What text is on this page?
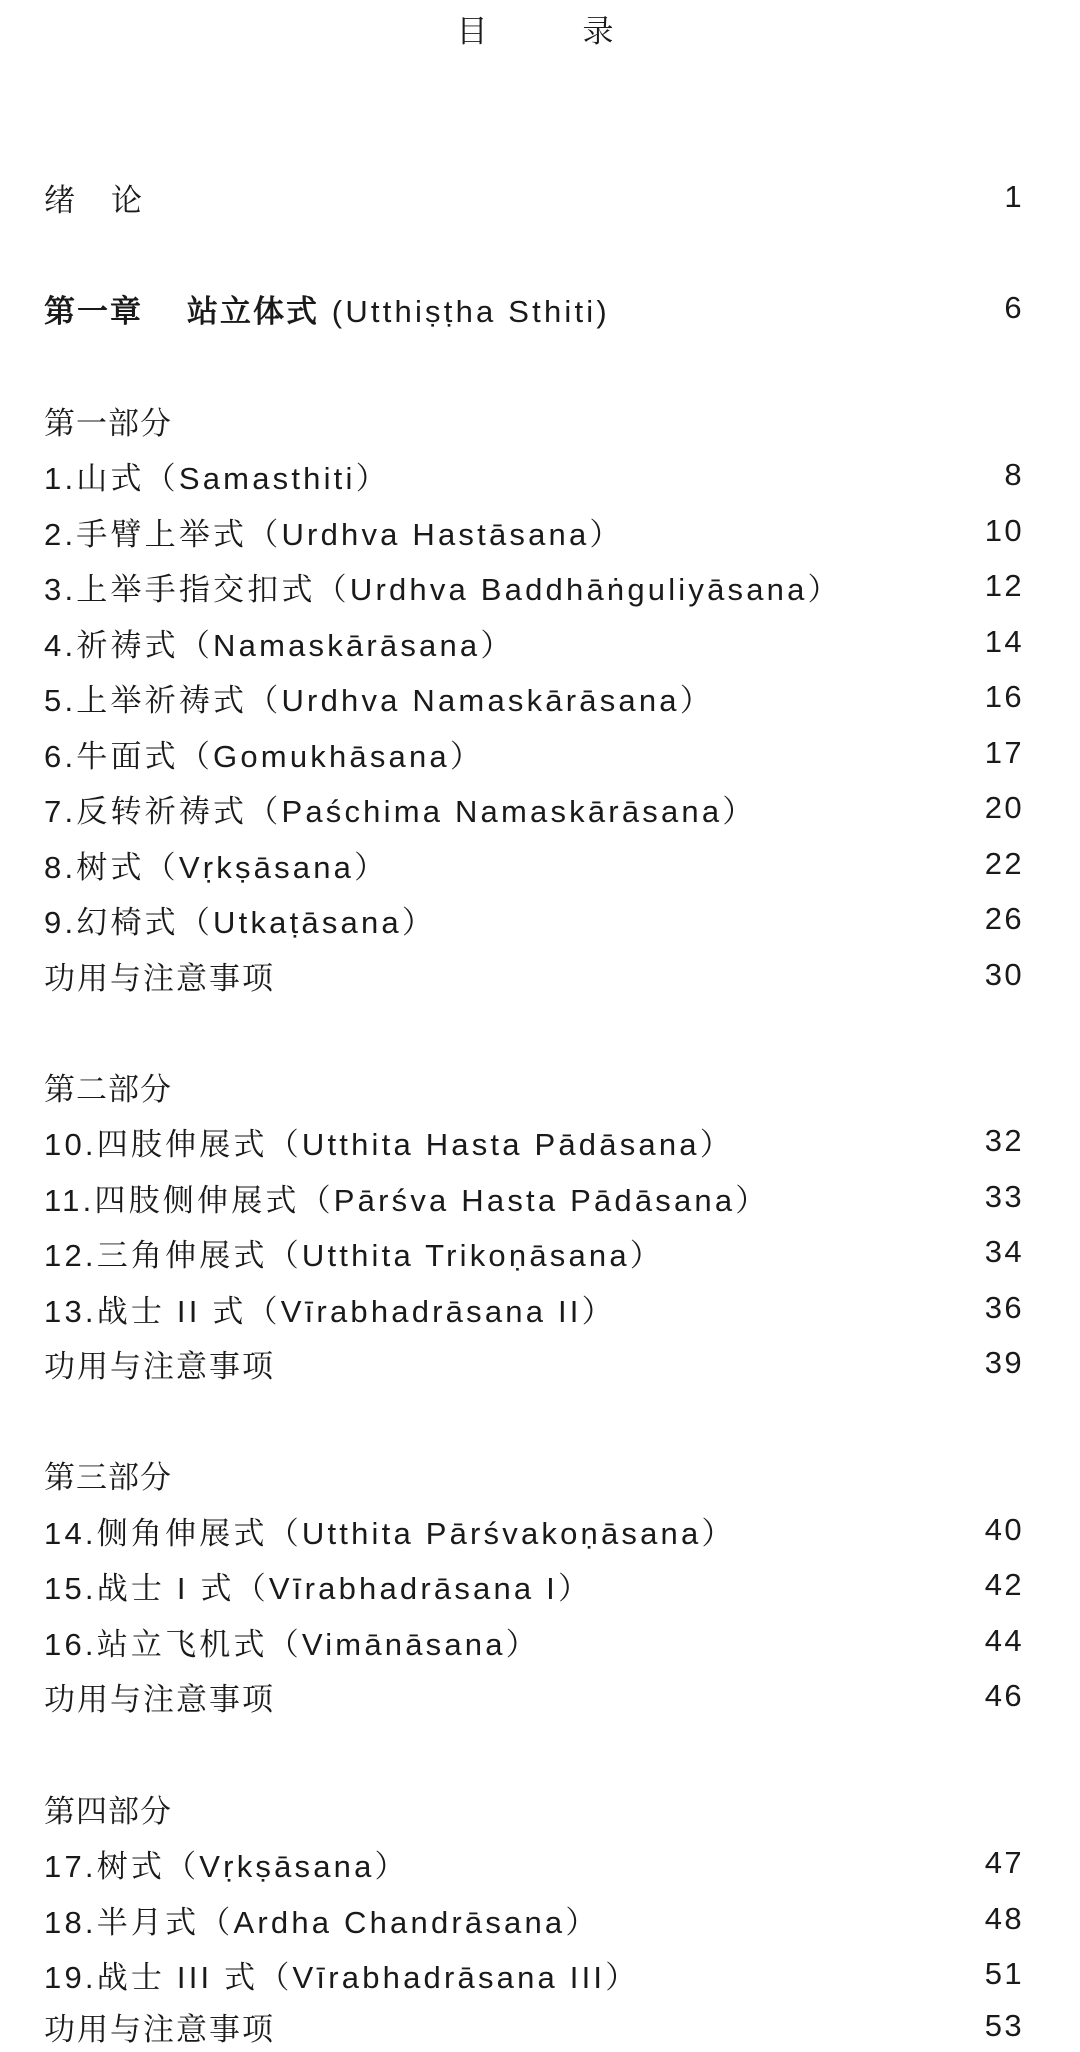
目　录
绪论	1
第一章 站立体式 (Utthiṣṭha Sthiti)	6
第一部分
1.山式（Samasthiti）	8
2.手臂上举式（Urdhva Hastāsana）	10
3.上举手指交扣式（Urdhva Baddhāṅguliyāsana）	12
4.祈祷式（Namaskārāsana）	14
5.上举祈祷式（Urdhva Namaskārāsana）	16
6.牛面式（Gomukhāsana）	17
7.反转祈祷式（Paśchima Namaskārāsana）	20
8.树式（Vṛkṣāsana）	22
9.幻椅式（Utkaṭāsana）	26
功用与注意事项	30
第二部分
10.四肢伸展式（Utthita Hasta Pādāsana）	32
11.四肢侧伸展式（Pārśva Hasta Pādāsana）	33
12.三角伸展式（Utthita Trikoṇāsana）	34
13.战士 II 式（Vīrabhadrāsana II）	36
功用与注意事项	39
第三部分
14.侧角伸展式（Utthita Pārśvakoṇāsana）	40
15.战士 I 式（Vīrabhadrāsana I）	42
16.站立飞机式（Vimānāsana）	44
功用与注意事项	46
第四部分
17.树式（Vṛkṣāsana）	47
18.半月式（Ardha Chandrāsana）	48
19.战士 III 式（Vīrabhadrāsana III）	51
功用与注意事项	53
